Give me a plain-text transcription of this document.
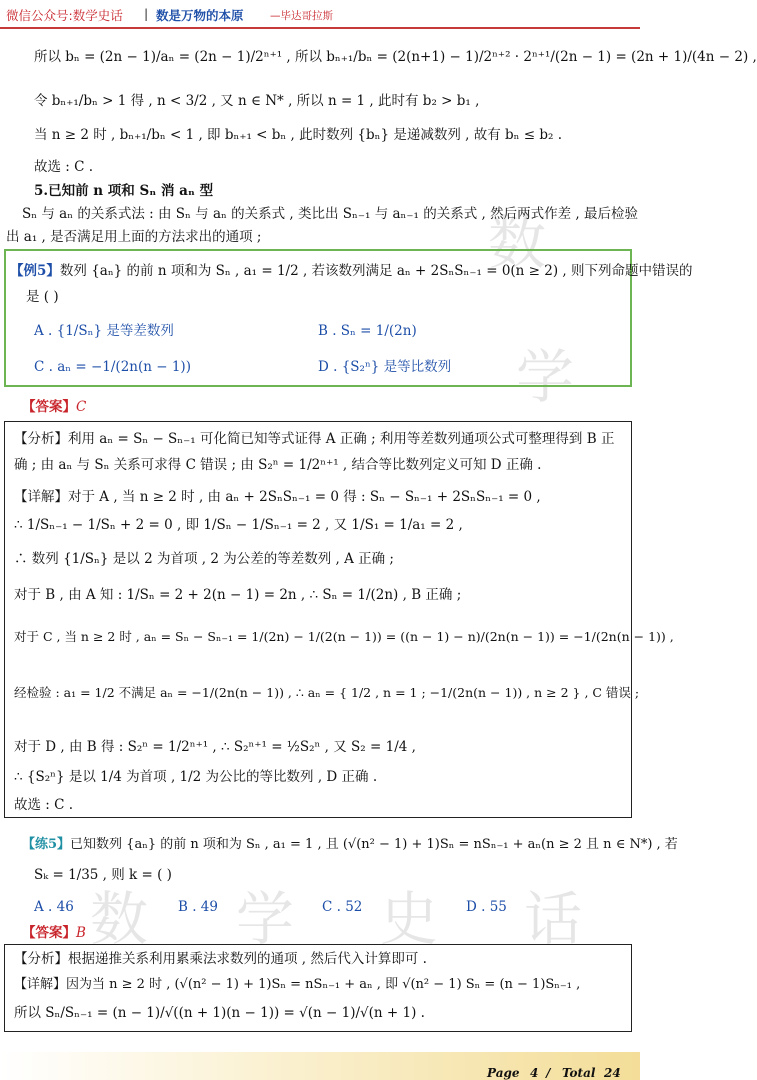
微信公众号:数学史话 | 数是万物的本原	—毕达哥拉斯
数
学
数 学 史 话
所以 bₙ = (2n − 1)/aₙ = (2n − 1)/2ⁿ⁺¹ , 所以 bₙ₊₁/bₙ = (2(n+1) − 1)/2ⁿ⁺² · 2ⁿ⁺¹/(2n − 1) = (2n + 1)/(4n − 2) ,
令 bₙ₊₁/bₙ > 1 得 , n < 3/2 , 又 n ∈ N* , 所以 n = 1 , 此时有 b₂ > b₁ ,
当 n ≥ 2 时 , bₙ₊₁/bₙ < 1 , 即 bₙ₊₁ < bₙ , 此时数列 {bₙ} 是递减数列 , 故有 bₙ ≤ b₂ .
故选 : C .
5.已知前 n 项和 Sₙ 消 aₙ 型
Sₙ 与 aₙ 的关系式法 : 由 Sₙ 与 aₙ 的关系式 , 类比出 Sₙ₋₁ 与 aₙ₋₁ 的关系式 , 然后两式作差 , 最后检验
出 a₁ , 是否满足用上面的方法求出的通项 ;
【例5】数列 {aₙ} 的前 n 项和为 Sₙ , a₁ = 1/2 , 若该数列满足 aₙ + 2SₙSₙ₋₁ = 0(n ≥ 2) , 则下列命题中错误的
是 ( )
A . {1/Sₙ} 是等差数列	B . Sₙ = 1/(2n)
C . aₙ = −1/(2n(n − 1))	D . {S₂ⁿ} 是等比数列
【答案】C
【分析】利用 aₙ = Sₙ − Sₙ₋₁ 可化简已知等式证得 A 正确 ; 利用等差数列通项公式可整理得到 B 正
确 ; 由 aₙ 与 Sₙ 关系可求得 C 错误 ; 由 S₂ⁿ = 1/2ⁿ⁺¹ , 结合等比数列定义可知 D 正确 .
【详解】对于 A , 当 n ≥ 2 时 , 由 aₙ + 2SₙSₙ₋₁ = 0 得 : Sₙ − Sₙ₋₁ + 2SₙSₙ₋₁ = 0 ,
∴ 1/Sₙ₋₁ − 1/Sₙ + 2 = 0 , 即 1/Sₙ − 1/Sₙ₋₁ = 2 , 又 1/S₁ = 1/a₁ = 2 ,
∴ 数列 {1/Sₙ} 是以 2 为首项 , 2 为公差的等差数列 , A 正确 ;
对于 B , 由 A 知 : 1/Sₙ = 2 + 2(n − 1) = 2n , ∴ Sₙ = 1/(2n) , B 正确 ;
对于 C , 当 n ≥ 2 时 , aₙ = Sₙ − Sₙ₋₁ = 1/(2n) − 1/(2(n − 1)) = ((n − 1) − n)/(2n(n − 1)) = −1/(2n(n − 1)) ,
经检验 : a₁ = 1/2 不满足 aₙ = −1/(2n(n − 1)) , ∴ aₙ = { 1/2 , n = 1 ; −1/(2n(n − 1)) , n ≥ 2 } , C 错误 ;
对于 D , 由 B 得 : S₂ⁿ = 1/2ⁿ⁺¹ , ∴ S₂ⁿ⁺¹ = ½S₂ⁿ , 又 S₂ = 1/4 ,
∴ {S₂ⁿ} 是以 1/4 为首项 , 1/2 为公比的等比数列 , D 正确 .
故选 : C .
【练5】已知数列 {aₙ} 的前 n 项和为 Sₙ , a₁ = 1 , 且 (√(n² − 1) + 1)Sₙ = nSₙ₋₁ + aₙ(n ≥ 2 且 n ∈ N*) , 若
Sₖ = 1/35 , 则 k = ( )
A . 46	B . 49	C . 52	D . 55
【答案】B
【分析】根据递推关系利用累乘法求数列的通项 , 然后代入计算即可 .
【详解】因为当 n ≥ 2 时 , (√(n² − 1) + 1)Sₙ = nSₙ₋₁ + aₙ , 即 √(n² − 1) Sₙ = (n − 1)Sₙ₋₁ ,
所以 Sₙ/Sₙ₋₁ = (n − 1)/√((n + 1)(n − 1)) = √(n − 1)/√(n + 1) .
Page 4 / Total 24
